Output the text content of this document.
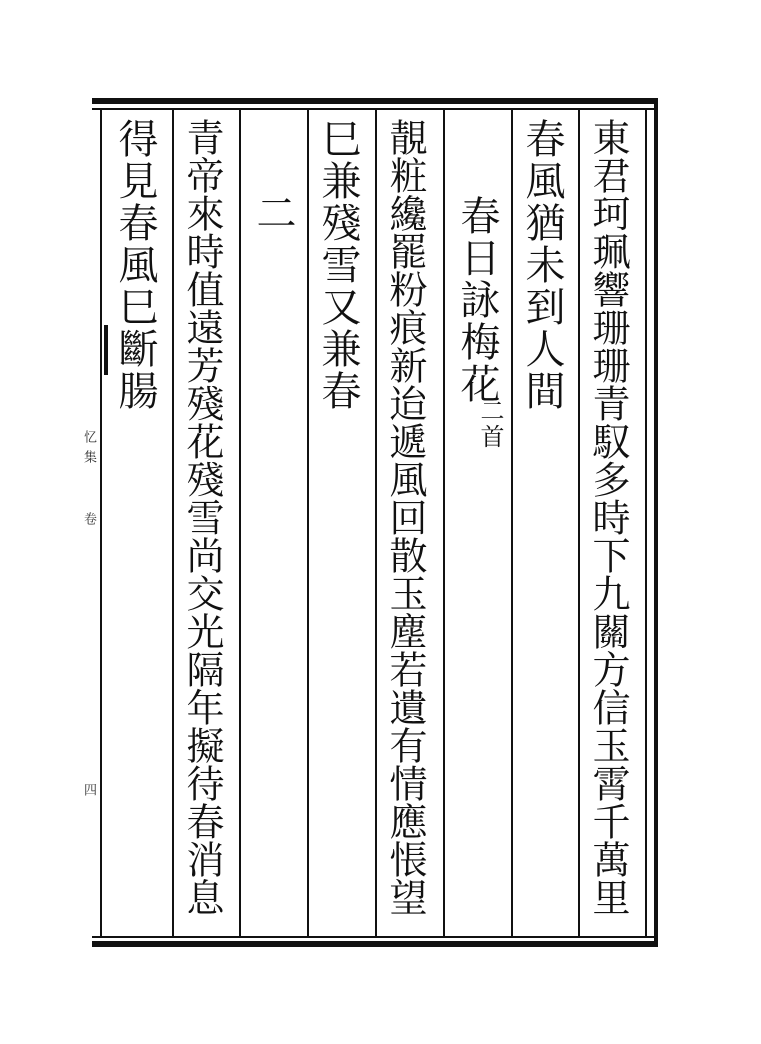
忆
集
卷
四	東君珂珮響珊珊青馭多時下九關方信玉霄千萬里
春風猶未到人間
春日詠梅花
二首
靚粧纔罷粉痕新迨遞風回散玉塵若遺有情應悵望
巳兼殘雪又兼春
二
青帝來時值遠芳殘花殘雪尚交光隔年擬待春消息
得見春風巳斷腸
